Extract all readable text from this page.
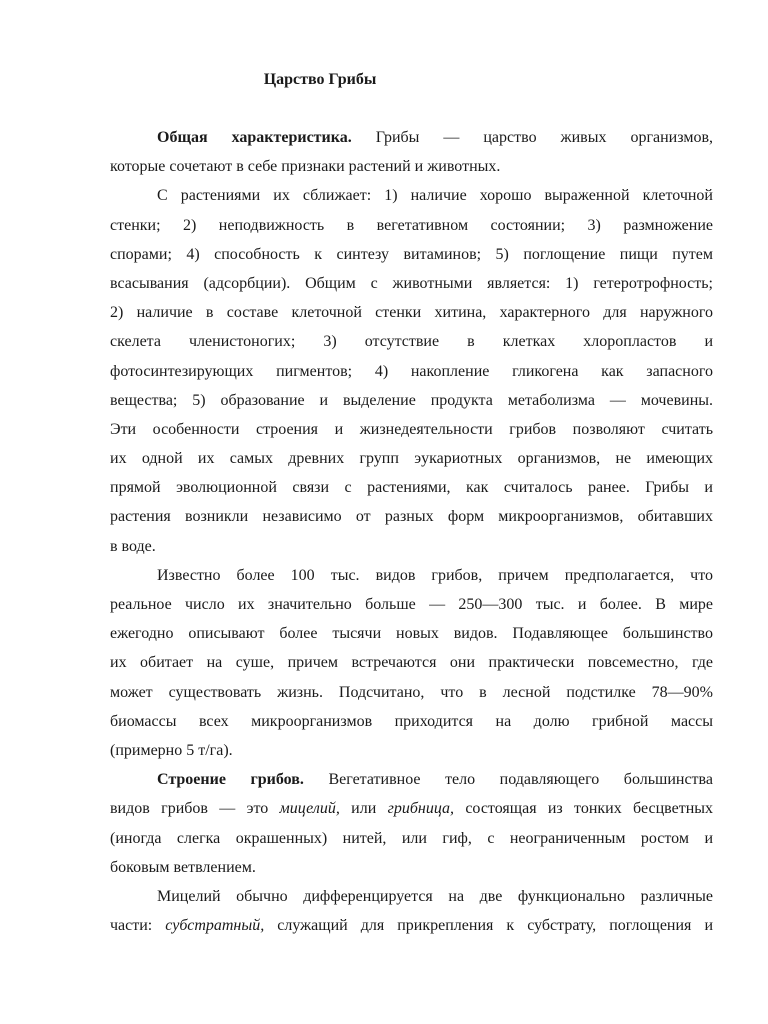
Царство Грибы
Общая характеристика. Грибы — царство живых организмов,
которые сочетают в себе признаки растений и животных.
С растениями их сближает: 1) наличие хорошо выраженной клеточной
стенки; 2) неподвижность в вегетативном состоянии; 3) размножение
спорами; 4) способность к синтезу витаминов; 5) поглощение пищи путем
всасывания (адсорбции). Общим с животными является: 1) гетеротрофность;
2) наличие в составе клеточной стенки хитина, характерного для наружного
скелета членистоногих; 3) отсутствие в клетках хлоропластов и
фотосинтезирующих пигментов; 4) накопление гликогена как запасного
вещества; 5) образование и выделение продукта метаболизма — мочевины.
Эти особенности строения и жизнедеятельности грибов позволяют считать
их одной их самых древних групп эукариотных организмов, не имеющих
прямой эволюционной связи с растениями, как считалось ранее. Грибы и
растения возникли независимо от разных форм микроорганизмов, обитавших
в воде.
Известно более 100 тыс. видов грибов, причем предполагается, что
реальное число их значительно больше — 250—300 тыс. и более. В мире
ежегодно описывают более тысячи новых видов. Подавляющее большинство
их обитает на суше, причем встречаются они практически повсеместно, где
может существовать жизнь. Подсчитано, что в лесной подстилке 78—90%
биомассы всех микроорганизмов приходится на долю грибной массы
(примерно 5 т/га).
Строение грибов. Вегетативное тело подавляющего большинства
видов грибов — это мицелий, или грибница, состоящая из тонких бесцветных
(иногда слегка окрашенных) нитей, или гиф, с неограниченным ростом и
боковым ветвлением.
Мицелий обычно дифференцируется на две функционально различные
части: субстратный, служащий для прикрепления к субстрату, поглощения и
